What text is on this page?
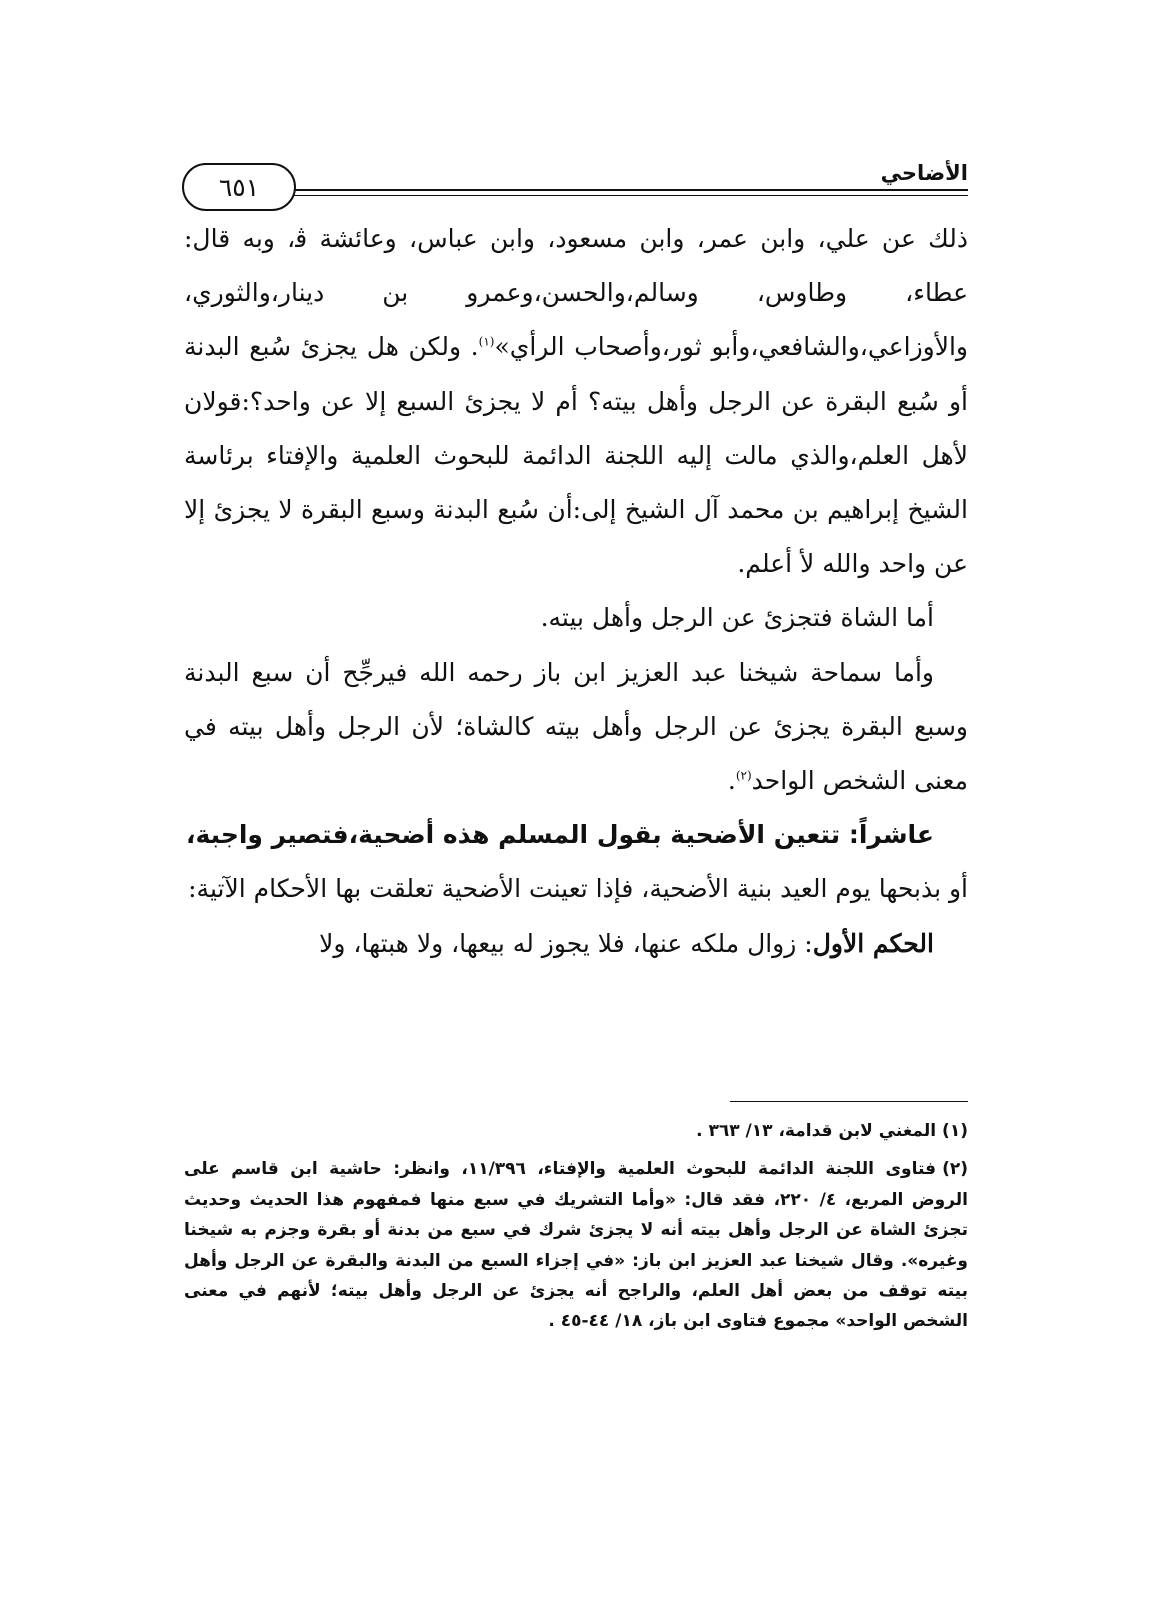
الأضاحي
٦٥١

ذلك عن علي، وابن عمر، وابن مسعود، وابن عباس، وعائشة ﭬ، وبه قال: عطاء، وطاوس، وسالم،والحسن،وعمرو بن دينار،والثوري، والأوزاعي،والشافعي،وأبو ثور،وأصحاب الرأي»$^{(١)}$. ولكن هل يجزئ سُبع البدنة أو سُبع البقرة عن الرجل وأهل بيته؟ أم لا يجزئ السبع إلا عن واحد؟:قولان لأهل العلم،والذي مالت إليه اللجنة الدائمة للبحوث العلمية والإفتاء برئاسة الشيخ إبراهيم بن محمد آل الشيخ إلى:أن سُبع البدنة وسبع البقرة لا يجزئ إلا عن واحد والله ﻷ أعلم.

أما الشاة فتجزئ عن الرجل وأهل بيته.

وأما سماحة شيخنا عبد العزيز ابن باز رحمه الله فيرجِّح أن سبع البدنة وسبع البقرة يجزئ عن الرجل وأهل بيته كالشاة؛ لأن الرجل وأهل بيته في معنى الشخص الواحد$^{(٢)}$.

عاشراً: تتعين الأضحية بقول المسلم هذه أضحية،فتصير واجبة،

أو بذبحها يوم العيد بنية الأضحية، فإذا تعينت الأضحية تعلقت بها الأحكام الآتية:

الحكم الأول: زوال ملكه عنها، فلا يجوز له بيعها، ولا هبتها، ولا

(١)المغني لابن قدامة، ١٣/ ٣٦٣ .

(٢)فتاوى اللجنة الدائمة للبحوث العلمية والإفتاء، ١١/٣٩٦، وانظر: حاشية ابن قاسم على الروض المربع، ٤/ ٢٢٠، فقد قال: «وأما التشريك في سبع منها فمفهوم هذا الحديث وحديث تجزئ الشاة عن الرجل وأهل بيته أنه لا يجزئ شرك في سبع من بدنة أو بقرة وجزم به شيخنا وغيره». وقال شيخنا عبد العزيز ابن باز: «في إجزاء السبع من البدنة والبقرة عن الرجل وأهل بيته توقف من بعض أهل العلم، والراجح أنه يجزئ عن الرجل وأهل بيته؛ لأنهم في معنى الشخص الواحد» مجموع فتاوى ابن باز، ١٨/ ٤٤-٤٥ .
